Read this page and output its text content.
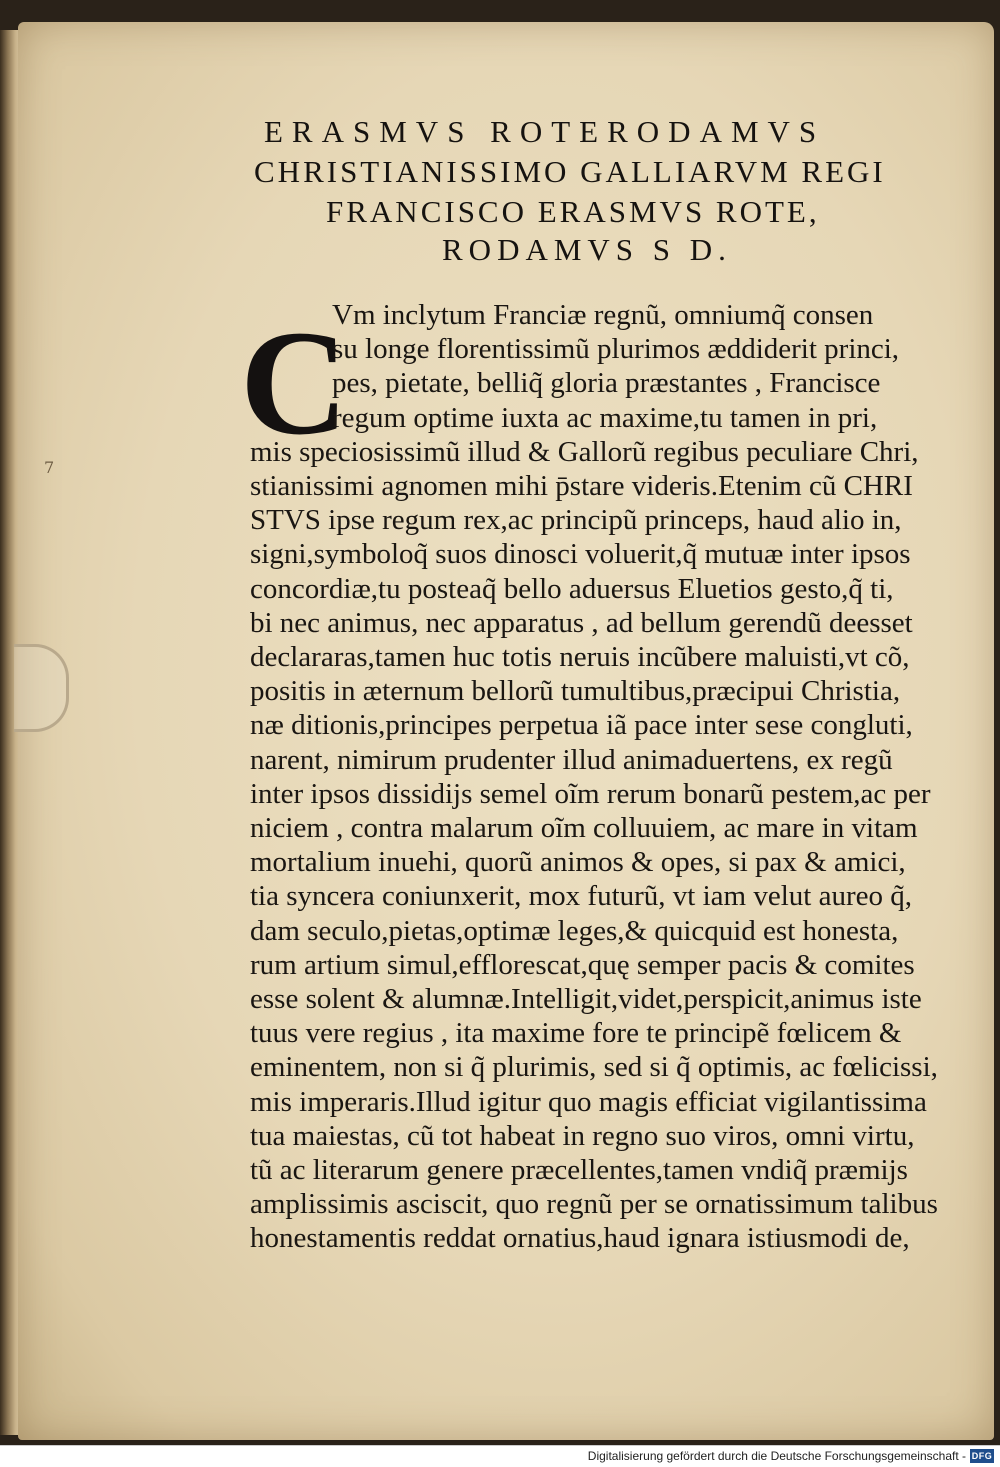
7
ERASMVS ROTERODAMVS
CHRISTIANISSIMO GALLIARVM REGI
FRANCISCO ERASMVS ROTE,
RODAMVS S D.
C
Vm inclytum Franciæ regnũ, omniumq̃ consen
su longe florentissimũ plurimos æddiderit princi,
pes, pietate, belliq̃ gloria præstantes , Francisce
regum optime iuxta ac maxime,tu tamen in pri,
mis speciosissimũ illud & Gallorũ regibus peculiare Chri,
stianissimi agnomen mihi p̄stare videris.Etenim cũ CHRI
STVS ipse regum rex,ac principũ princeps, haud alio in,
signi,symboloq̃ suos dinosci voluerit,q̃ mutuæ inter ipsos
concordiæ,tu posteaq̃ bello aduersus Eluetios gesto,q̃ ti,
bi nec animus, nec apparatus , ad bellum gerendũ deesset
declararas,tamen huc totis neruis incũbere maluisti,vt cõ,
positis in æternum bellorũ tumultibus,præcipui Christia,
næ ditionis,principes perpetua iã pace inter sese congluti,
narent, nimirum prudenter illud animaduertens, ex regũ
inter ipsos dissidijs semel oĩm rerum bonarũ pestem,ac per
niciem , contra malarum oĩm colluuiem, ac mare in vitam
mortalium inuehi, quorũ animos & opes, si pax & amici,
tia syncera coniunxerit, mox futurũ, vt iam velut aureo q̃,
dam seculo,pietas,optimæ leges,& quicquid est honesta,
rum artium simul,efflorescat,quę semper pacis & comites
esse solent & alumnæ.Intelligit,videt,perspicit,animus iste
tuus vere regius , ita maxime fore te principẽ fœlicem &
eminentem, non si q̃ plurimis, sed si q̃ optimis, ac fœlicissi,
mis imperaris.Illud igitur quo magis efficiat vigilantissima
tua maiestas, cũ tot habeat in regno suo viros, omni virtu,
tũ ac literarum genere præcellentes,tamen vndiq̃ præmijs
amplissimis asciscit, quo regnũ per se ornatissimum talibus
honestamentis reddat ornatius,haud ignara istiusmodi de,
Digitalisierung gefördert durch die Deutsche Forschungsgemeinschaft - DFG
